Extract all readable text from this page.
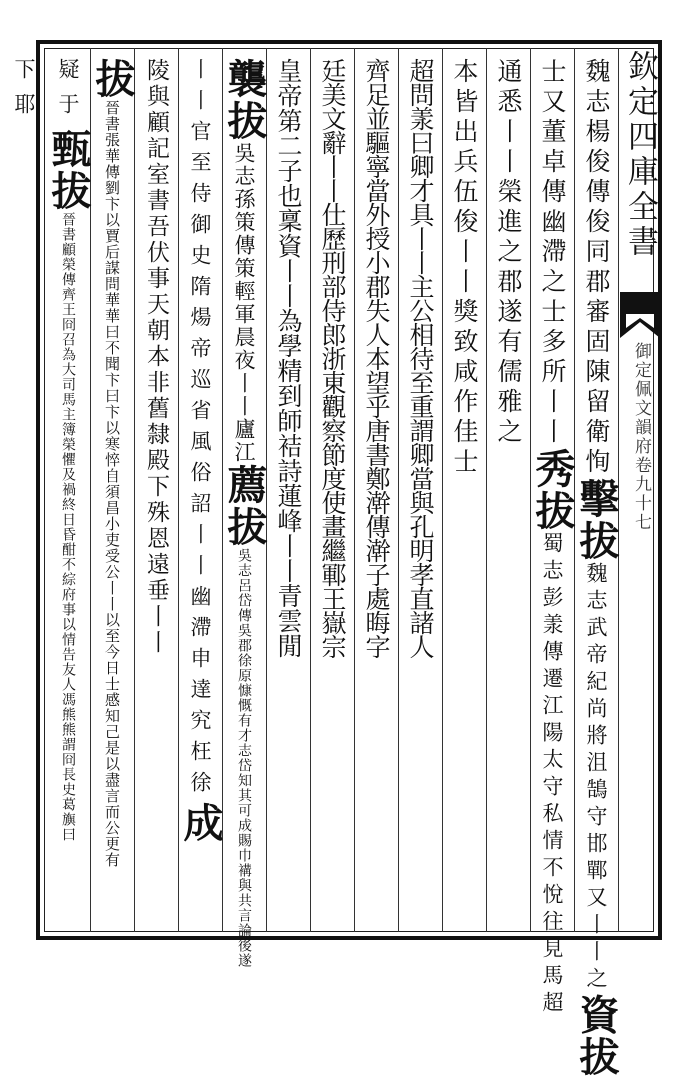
欽定四庫全書
御定佩文韻府
卷九十七
魏志楊俊傳俊同郡審固陳留衛恂
擊拔
魏志武帝紀尚將沮鵠守邯鄲又丨丨之
資拔
士又董卓傳幽滯之士多所丨丨
秀拔
蜀志彭羕傳遷江陽太守私情不悅往見馬超
通悉丨丨榮進之郡遂有儒雅之
本皆出兵伍俊丨丨獎致咸作佳士
超問羕曰卿才具丨丨主公相待至重謂卿當與孔明孝直諸人
齊足並驅寧當外授小郡失人本望乎唐書鄭澣傳澣子處晦字
廷美文辭丨丨仕歷刑部侍郎浙東觀察節度使畫繼鄆王嶽宗
皇帝第二子也稟資丨丨為學精到師袺詩蓮峰丨丨青雲閒
襲拔
吳志孫策傳策輕軍晨夜丨丨廬江
薦拔
吳志呂岱傳吳郡徐原慷慨有才志岱知其可成賜巾褠與共言論後遂
丨丨官至侍御史隋煬帝巡省風俗詔丨丨幽滯申達究枉徐
成
陵與顧記室書吾伏事天朝本非舊隸殿下殊恩遠垂丨丨
拔
晉書張華傳劉卞以賈后謀問華華曰不聞卞曰卞以寒悴自須昌小吏受公丨丨以至今日士感知己是以盡言而公更有
疑于
甄拔
晉書顧榮傳齊王冏召為大司馬主簿榮懼及禍終日昏酣不綜府事以情告友人馮熊熊謂冏長史葛旟曰
下耶
